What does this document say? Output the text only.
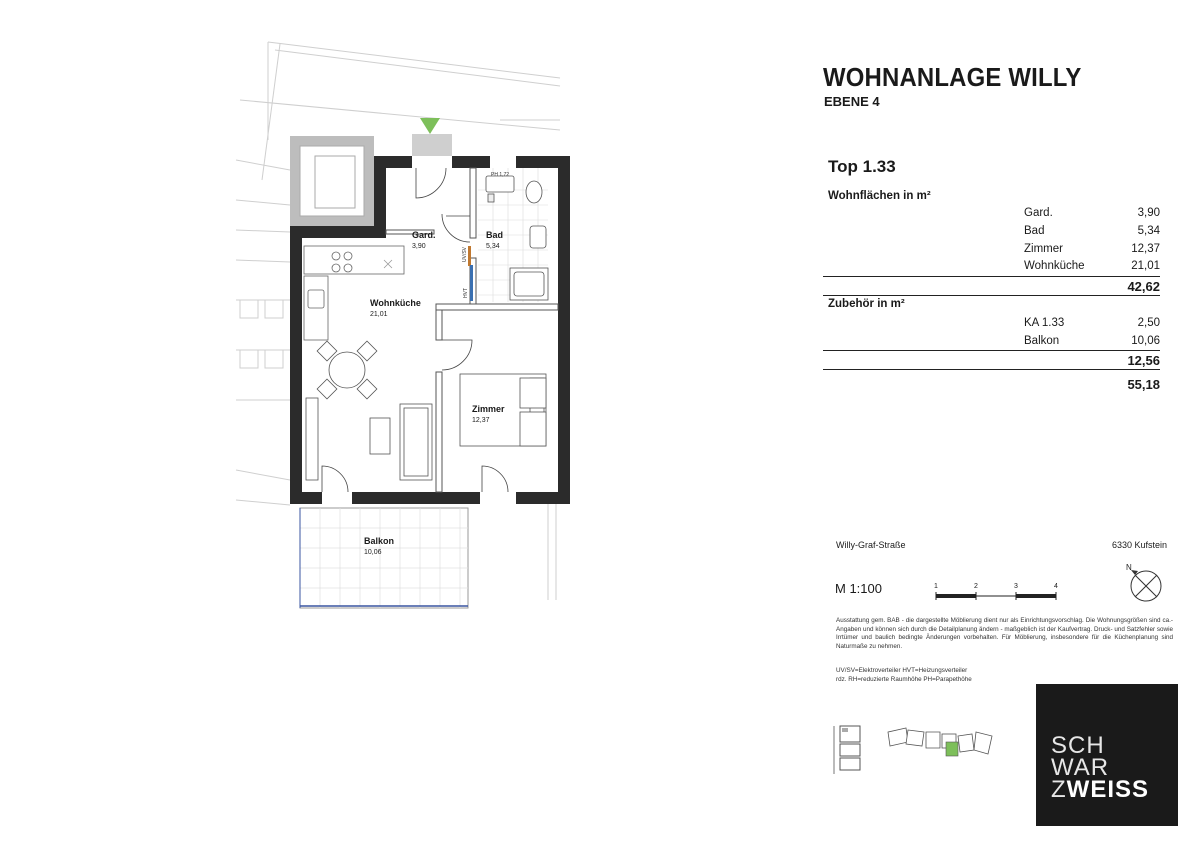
Gard.
3,90
Bad
5,34
Wohnküche
21,01
Zimmer
12,37
Balkon
10,06
PH 1,72
UV/SV
HVT
WOHNANLAGE WILLY
EBENE 4
Top 1.33
Wohnflächen in m²
Gard.	3,90
Bad	5,34
Zimmer	12,37
Wohnküche	21,01
42,62
Zubehör in m²
KA 1.33	2,50
Balkon	10,06
12,56
55,18
Willy-Graf-Straße	6330 Kufstein
M 1:100	1	2	3	4
N
Ausstattung gem. BAB - die dargestellte Möblierung dient nur als Einrichtungsvorschlag. Die Wohnungsgrößen sind ca.-Angaben und können sich durch die Detailplanung ändern - maßgeblich ist der Kaufvertrag. Druck- und Satzfehler sowie Irrtümer und baulich bedingte Änderungen vorbehalten. Für Möblierung, insbesondere für die Küchenplanung sind Naturmaße zu nehmen.
UV/SV=Elektroverteiler HVT=Heizungsverteiler
rdz. RH=reduzierte Raumhöhe PH=Parapethöhe
SCH
WAR
ZWEISS
